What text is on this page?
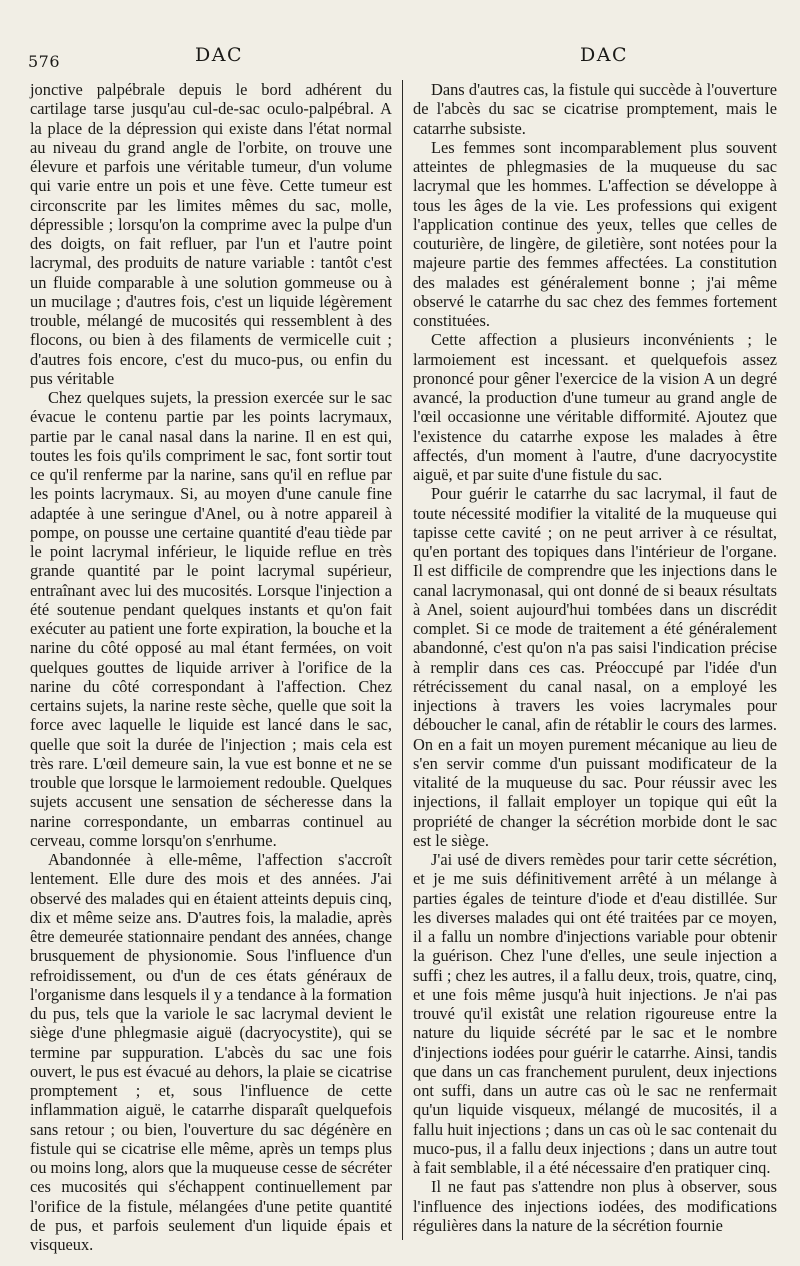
576	DAC	DAC

jonctive palpébrale depuis le bord adhérent du cartilage tarse jusqu'au cul-de-sac oculo-palpébral. A la place de la dépression qui existe dans l'état normal au niveau du grand angle de l'orbite, on trouve une élevure et parfois une véritable tumeur, d'un volume qui varie entre un pois et une fève. Cette tumeur est circonscrite par les limites mêmes du sac, molle, dépressible ; lorsqu'on la comprime avec la pulpe d'un des doigts, on fait refluer, par l'un et l'autre point lacrymal, des produits de nature variable : tantôt c'est un fluide comparable à une solution gommeuse ou à un mucilage ; d'autres fois, c'est un liquide légèrement trouble, mélangé de mucosités qui ressemblent à des flocons, ou bien à des filaments de vermicelle cuit ; d'autres fois encore, c'est du muco-pus, ou enfin du pus véritable

Chez quelques sujets, la pression exercée sur le sac évacue le contenu partie par les points lacrymaux, partie par le canal nasal dans la narine. Il en est qui, toutes les fois qu'ils compriment le sac, font sortir tout ce qu'il renferme par la narine, sans qu'il en reflue par les points lacrymaux. Si, au moyen d'une canule fine adaptée à une seringue d'Anel, ou à notre appareil à pompe, on pousse une certaine quantité d'eau tiède par le point lacrymal inférieur, le liquide reflue en très grande quantité par le point lacrymal supérieur, entraînant avec lui des mucosités. Lorsque l'injection a été soutenue pendant quelques instants et qu'on fait exécuter au patient une forte expiration, la bouche et la narine du côté opposé au mal étant fermées, on voit quelques gouttes de liquide arriver à l'orifice de la narine du côté correspondant à l'affection. Chez certains sujets, la narine reste sèche, quelle que soit la force avec laquelle le liquide est lancé dans le sac, quelle que soit la durée de l'injection ; mais cela est très rare. L'œil demeure sain, la vue est bonne et ne se trouble que lorsque le larmoiement redouble. Quelques sujets accusent une sensation de sécheresse dans la narine correspondante, un embarras continuel au cerveau, comme lorsqu'on s'enrhume.

Abandonnée à elle-même, l'affection s'accroît lentement. Elle dure des mois et des années. J'ai observé des malades qui en étaient atteints depuis cinq, dix et même seize ans. D'autres fois, la maladie, après être demeurée stationnaire pendant des années, change brusquement de physionomie. Sous l'influence d'un refroidissement, ou d'un de ces états généraux de l'organisme dans lesquels il y a tendance à la formation du pus, tels que la variole le sac lacrymal devient le siège d'une phlegmasie aiguë (dacryocystite), qui se termine par suppuration. L'abcès du sac une fois ouvert, le pus est évacué au dehors, la plaie se cicatrise promptement ; et, sous l'influence de cette inflammation aiguë, le catarrhe disparaît quelquefois sans retour ; ou bien, l'ouverture du sac dégénère en fistule qui se cicatrise elle même, après un temps plus ou moins long, alors que la muqueuse cesse de sécréter ces mucosités qui s'échappent continuellement par l'orifice de la fistule, mélangées d'une petite quantité de pus, et parfois seulement d'un liquide épais et visqueux.

Dans d'autres cas, la fistule qui succède à l'ouverture de l'abcès du sac se cicatrise promptement, mais le catarrhe subsiste.

Les femmes sont incomparablement plus souvent atteintes de phlegmasies de la muqueuse du sac lacrymal que les hommes. L'affection se développe à tous les âges de la vie. Les professions qui exigent l'application continue des yeux, telles que celles de couturière, de lingère, de giletière, sont notées pour la majeure partie des femmes affectées. La constitution des malades est généralement bonne ; j'ai même observé le catarrhe du sac chez des femmes fortement constituées.

Cette affection a plusieurs inconvénients ; le larmoiement est incessant. et quelquefois assez prononcé pour gêner l'exercice de la vision A un degré avancé, la production d'une tumeur au grand angle de l'œil occasionne une véritable difformité. Ajoutez que l'existence du catarrhe expose les malades à être affectés, d'un moment à l'autre, d'une dacryocystite aiguë, et par suite d'une fistule du sac.

Pour guérir le catarrhe du sac lacrymal, il faut de toute nécessité modifier la vitalité de la muqueuse qui tapisse cette cavité ; on ne peut arriver à ce résultat, qu'en portant des topiques dans l'intérieur de l'organe. Il est difficile de comprendre que les injections dans le canal lacrymonasal, qui ont donné de si beaux résultats à Anel, soient aujourd'hui tombées dans un discrédit complet. Si ce mode de traitement a été généralement abandonné, c'est qu'on n'a pas saisi l'indication précise à remplir dans ces cas. Préoccupé par l'idée d'un rétrécissement du canal nasal, on a employé les injections à travers les voies lacrymales pour déboucher le canal, afin de rétablir le cours des larmes. On en a fait un moyen purement mécanique au lieu de s'en servir comme d'un puissant modificateur de la vitalité de la muqueuse du sac. Pour réussir avec les injections, il fallait employer un topique qui eût la propriété de changer la sécrétion morbide dont le sac est le siège.

J'ai usé de divers remèdes pour tarir cette sécrétion, et je me suis définitivement arrêté à un mélange à parties égales de teinture d'iode et d'eau distillée. Sur les diverses malades qui ont été traitées par ce moyen, il a fallu un nombre d'injections variable pour obtenir la guérison. Chez l'une d'elles, une seule injection a suffi ; chez les autres, il a fallu deux, trois, quatre, cinq, et une fois même jusqu'à huit injections. Je n'ai pas trouvé qu'il existât une relation rigoureuse entre la nature du liquide sécrété par le sac et le nombre d'injections iodées pour guérir le catarrhe. Ainsi, tandis que dans un cas franchement purulent, deux injections ont suffi, dans un autre cas où le sac ne renfermait qu'un liquide visqueux, mélangé de mucosités, il a fallu huit injections ; dans un cas où le sac contenait du muco-pus, il a fallu deux injections ; dans un autre tout à fait semblable, il a été nécessaire d'en pratiquer cinq.

Il ne faut pas s'attendre non plus à observer, sous l'influence des injections iodées, des modifications régulières dans la nature de la sécrétion fournie
